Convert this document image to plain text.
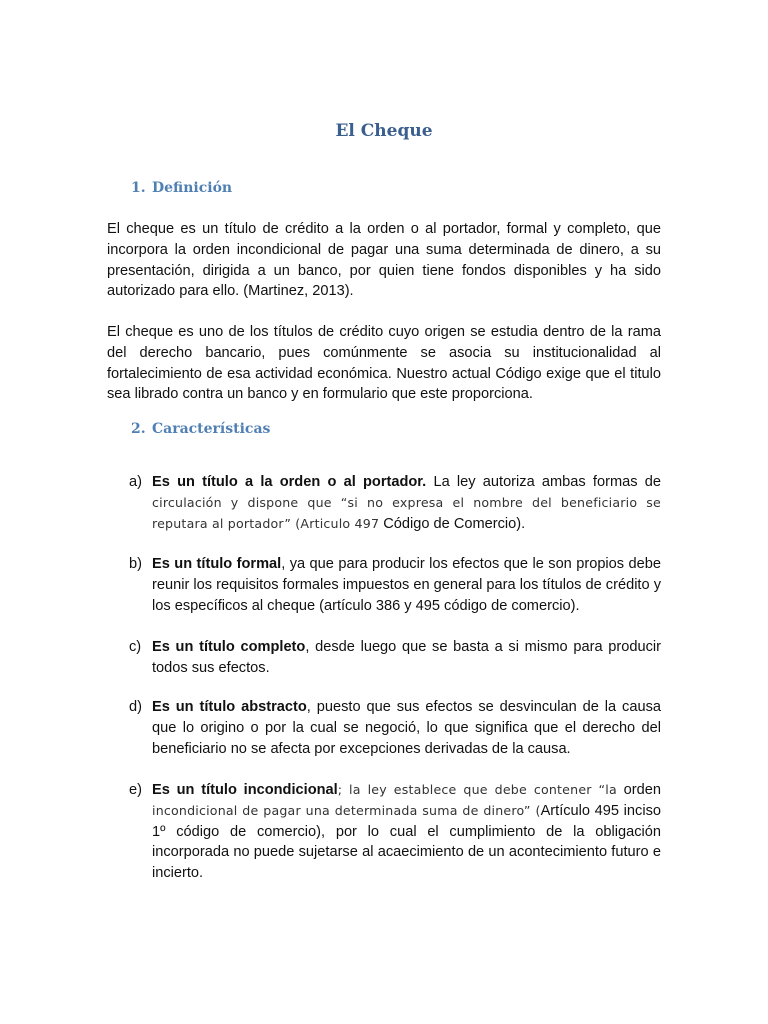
El Cheque
1. Definición

El cheque es un título de crédito a la orden o al portador, formal y completo, que incorpora la orden incondicional de pagar una suma determinada de dinero, a su presentación, dirigida a un banco, por quien tiene fondos disponibles y ha sido autorizado para ello. (Martinez, 2013).

El cheque es uno de los títulos de crédito cuyo origen se estudia dentro de la rama del derecho bancario, pues comúnmente se asocia su institucionalidad al fortalecimiento de esa actividad económica. Nuestro actual Código exige que el titulo sea librado contra un banco y en formulario que este proporciona.

2. Características
a) Es un título a la orden o al portador. La ley autoriza ambas formas de circulación y dispone que “si no expresa el nombre del beneficiario se reputara al portador” (Articulo 497 Código de Comercio).
b) Es un título formal, ya que para producir los efectos que le son propios debe reunir los requisitos formales impuestos en general para los títulos de crédito y los específicos al cheque (artículo 386 y 495 código de comercio).
c) Es un título completo, desde luego que se basta a si mismo para producir todos sus efectos.
d) Es un título abstracto, puesto que sus efectos se desvinculan de la causa que lo origino o por la cual se negoció, lo que significa que el derecho del beneficiario no se afecta por excepciones derivadas de la causa.
e) Es un título incondicional; la ley establece que debe contener “la orden incondicional de pagar una determinada suma de dinero” (Artículo 495 inciso 1º código de comercio), por lo cual el cumplimiento de la obligación incorporada no puede sujetarse al acaecimiento de un acontecimiento futuro e incierto.
